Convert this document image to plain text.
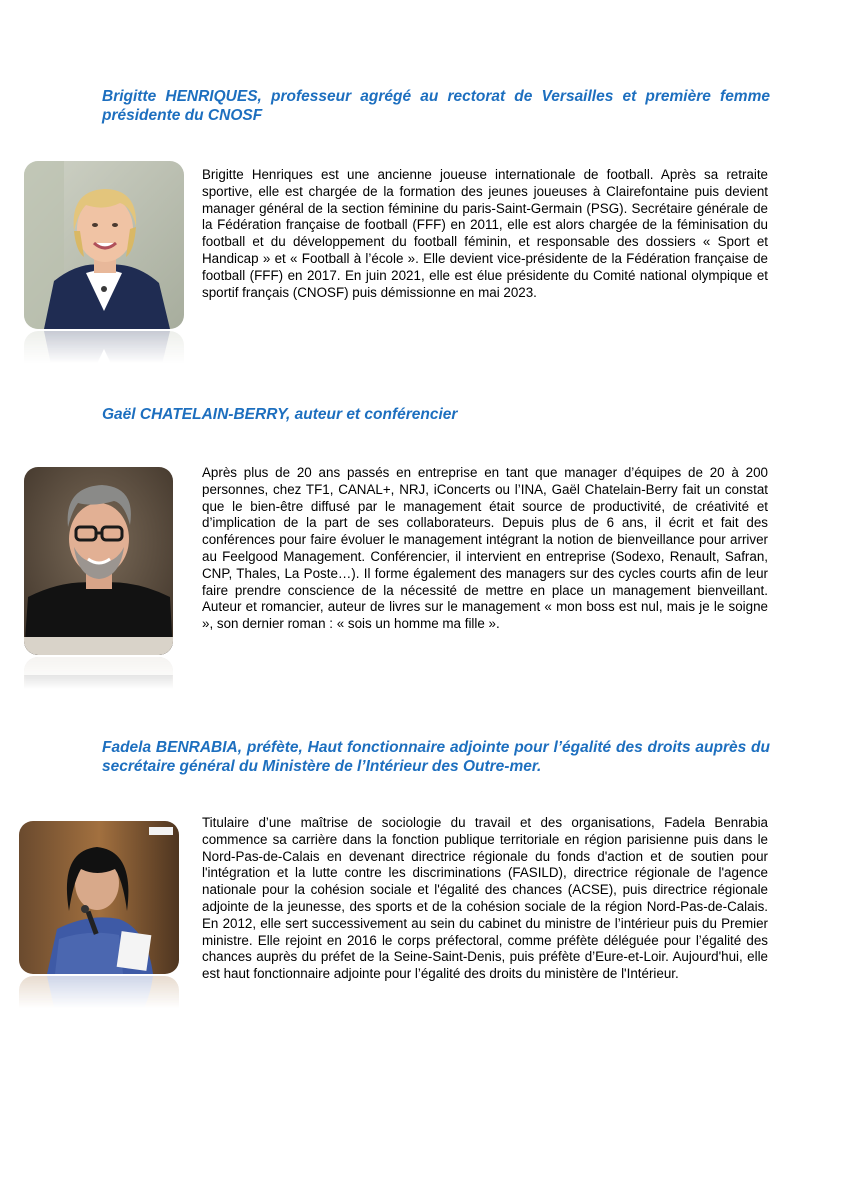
Brigitte HENRIQUES, professeur agrégé au rectorat de Versailles et première femme présidente du CNOSF

Brigitte Henriques est une ancienne joueuse internationale de football. Après sa retraite sportive, elle est chargée de la formation des jeunes joueuses à Clairefontaine puis devient manager général de la section féminine du paris-Saint-Germain (PSG). Secrétaire générale de la Fédération française de football (FFF) en 2011, elle est alors chargée de la féminisation du football et du développement du football féminin, et responsable des dossiers « Sport et Handicap » et « Football à l’école ». Elle devient vice-présidente de la Fédération française de football (FFF) en 2017. En juin 2021, elle est élue présidente du Comité national olympique et sportif français (CNOSF) puis démissionne en mai 2023.

Gaël CHATELAIN-BERRY, auteur et conférencier

Après plus de 20 ans passés en entreprise en tant que manager d’équipes de 20 à 200 personnes, chez TF1, CANAL+, NRJ, iConcerts ou l’INA, Gaël Chatelain-Berry fait un constat que le bien-être diffusé par le management était source de productivité, de créativité et d’implication de la part de ses collaborateurs. Depuis plus de 6 ans, il écrit et fait des conférences pour faire évoluer le management intégrant la notion de bienveillance pour arriver au Feelgood Management. Conférencier, il intervient en entreprise (Sodexo, Renault, Safran, CNP, Thales, La Poste…). Il forme également des managers sur des cycles courts afin de leur faire prendre conscience de la nécessité de mettre en place un management bienveillant. Auteur et romancier, auteur de livres sur le management « mon boss est nul, mais je le soigne », son dernier roman : « sois un homme ma fille ».

Fadela BENRABIA, préfète, Haut fonctionnaire adjointe pour l’égalité des droits auprès du secrétaire général du Ministère de l’Intérieur des Outre-mer.

Titulaire d’une maîtrise de sociologie du travail et des organisations, Fadela Benrabia commence sa carrière dans la fonction publique territoriale en région parisienne puis dans le Nord-Pas-de-Calais en devenant directrice régionale du fonds d'action et de soutien pour l'intégration et la lutte contre les discriminations (FASILD), directrice régionale de l'agence nationale pour la cohésion sociale et l'égalité des chances (ACSE), puis directrice régionale adjointe de la jeunesse, des sports et de la cohésion sociale de la région Nord-Pas-de-Calais. En 2012, elle sert successivement au sein du cabinet du ministre de l’intérieur puis du Premier ministre. Elle rejoint en 2016 le corps préfectoral, comme préfète déléguée pour l’égalité des chances auprès du préfet de la Seine-Saint-Denis, puis préfète d’Eure-et-Loir. Aujourd'hui, elle est haut fonctionnaire adjointe pour l’égalité des droits du ministère de l'Intérieur.
